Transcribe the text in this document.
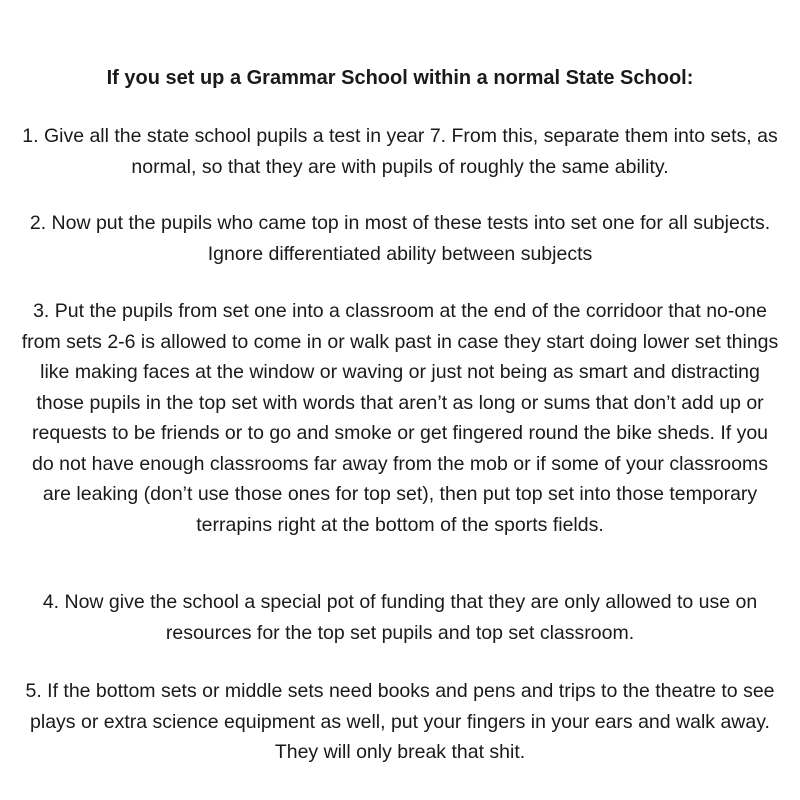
If you set up a Grammar School within a normal State School:

1. Give all the state school pupils a test in year 7. From this, separate them into sets, as normal, so that they are with pupils of roughly the same ability.

2. Now put the pupils who came top in most of these tests into set one for all subjects. Ignore differentiated ability between subjects

3. Put the pupils from set one into a classroom at the end of the corridoor that no-one from sets 2-6 is allowed to come in or walk past in case they start doing lower set things like making faces at the window or waving or just not being as smart and distracting those pupils in the top set with words that aren’t as long or sums that don’t add up or requests to be friends or to go and smoke or get fingered round the bike sheds. If you do not have enough classrooms far away from the mob or if some of your classrooms are leaking (don’t use those ones for top set), then put top set into those temporary terrapins right at the bottom of the sports fields.

4. Now give the school a special pot of funding that they are only allowed to use on resources for the top set pupils and top set classroom.

5. If the bottom sets or middle sets need books and pens and trips to the theatre to see plays or extra science equipment as well, put your fingers in your ears and walk away. They will only break that shit.
